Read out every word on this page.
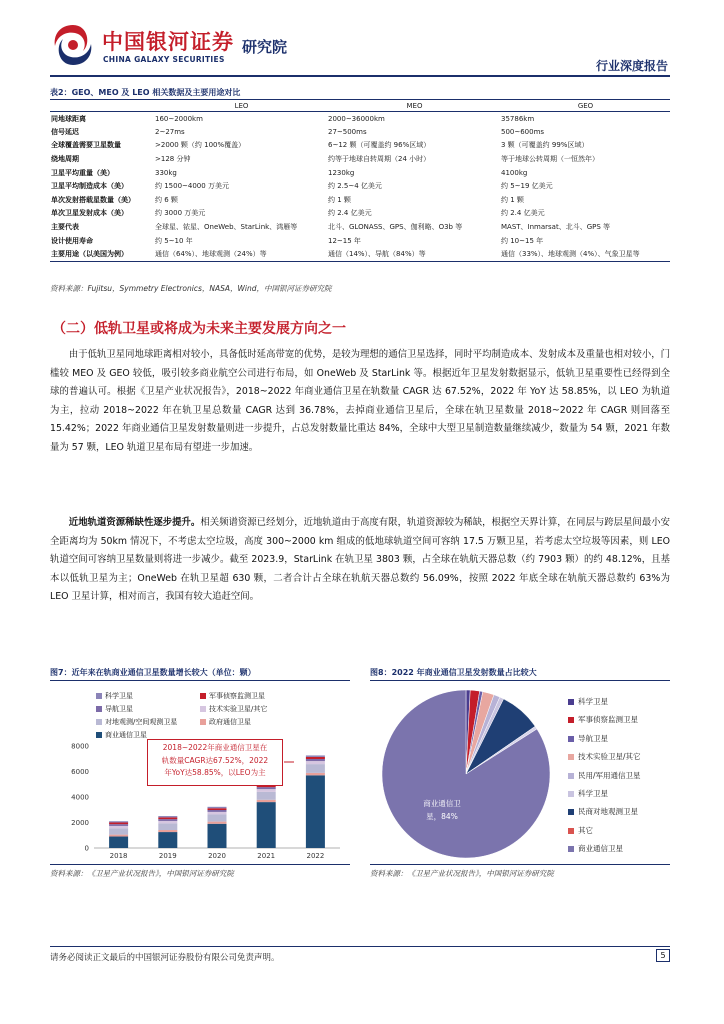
中国银河证券
CHINA GALAXY SECURITIES
研究院
行业深度报告
表2：GEO、MEO 及 LEO 相关数据及主要用途对比
	LEO	MEO	GEO
同地球距离	160~2000km	2000~36000km	35786km
信号延迟	2~27ms	27~500ms	500~600ms
全球覆盖需要卫星数量	>2000 颗（约 100%覆盖）	6~12 颗（可覆盖约 96%区域）	3 颗（可覆盖约 99%区域）
绕地周期	>128 分钟	约等于地球自转周期（24 小时）	等于地球公转周期（一恒然年）
卫星平均重量（美）	330kg	1230kg	4100kg
卫星平均制造成本（美）	约 1500~4000 万美元	约 2.5~4 亿美元	约 5~19 亿美元
单次发射搭载星数量（美）	约 6 颗	约 1 颗	约 1 颗
单次卫星发射成本（美）	约 3000 万美元	约 2.4 亿美元	约 2.4 亿美元
主要代表	全球星、铱星、OneWeb、StarLink、鸿雁等	北斗、GLONASS、GPS、伽利略、O3b 等	MAST、Inmarsat、北斗、GPS 等
设计使用寿命	约 5~10 年	12~15 年	约 10~15 年
主要用途（以美国为例）	通信（64%）、地球观测（24%）等	通信（14%）、导航（84%）等	通信（33%）、地球观测（4%）、气象卫星等
资料来源：Fujitsu，Symmetry Electronics，NASA，Wind，中国银河证券研究院
（二）低轨卫星或将成为未来主要发展方向之一

由于低轨卫星同地球距离相对较小，具备低时延高带宽的优势，是较为理想的通信卫星选择，同时平均制造成本、发射成本及重量也相对较小，门槛较 MEO 及 GEO 较低，吸引较多商业航空公司进行布局，如 OneWeb 及 StarLink 等。根据近年卫星发射数据显示，低轨卫星重要性已经得到全球的普遍认可。根据《卫星产业状况报告》，2018~2022 年商业通信卫星在轨数量 CAGR 达 67.52%，2022 年 YoY 达 58.85%，以 LEO 为轨道为主，拉动 2018~2022 年在轨卫星总数量 CAGR 达到 36.78%，去掉商业通信卫星后，全球在轨卫星数量 2018~2022 年 CAGR 则回落至 15.42%；2022 年商业通信卫星发射数量则进一步提升，占总发射数量比重达 84%，全球中大型卫星制造数量继续减少，数量为 54 颗，2021 年数量为 57 颗，LEO 轨道卫星布局有望进一步加速。

近地轨道资源稀缺性逐步提升。相关频谱资源已经划分，近地轨道由于高度有限，轨道资源较为稀缺，根据空天界计算，在同层与跨层星间最小安全距离均为 50km 情况下，不考虑太空垃圾，高度 300~2000 km 组成的低地球轨道空间可容纳 17.5 万颗卫星，若考虑太空垃圾等因素，则 LEO 轨道空间可容纳卫星数量则将进一步减少。截至 2023.9，StarLink 在轨卫星 3803 颗，占全球在轨航天器总数（约 7903 颗）的约 48.12%，且基本以低轨卫星为主；OneWeb 在轨卫星超 630 颗，二者合计占全球在轨航天器总数约 56.09%，按照 2022 年底全球在轨航天器总数约 63%为 LEO 卫星计算，相对而言，我国有较大追赶空间。

图7：近年来在轨商业通信卫星数量增长较大（单位：颗）
科学卫星	军事侦察监测卫星
导航卫星	技术实验卫星/其它
对地观测/空间观测卫星	政府通信卫星
商业通信卫星
0
2000
4000
6000
8000
2018	2019	2020	2021	2022
2018~2022年商业通信卫星在
轨数量CAGR达67.52%，2022
年YoY达58.85%，以LEO为主
资料来源：《卫星产业状况报告》，中国银河证券研究院
图8：2022 年商业通信卫星发射数量占比较大
商业通信卫
星，84%
科学卫星
军事侦察监测卫星
导航卫星
技术实验卫星/其它
民用/军用通信卫星
科学卫星
民商对地观测卫星
其它
商业通信卫星
资料来源：《卫星产业状况报告》，中国银河证券研究院
请务必阅读正文最后的中国银河证券股份有限公司免责声明。	5
